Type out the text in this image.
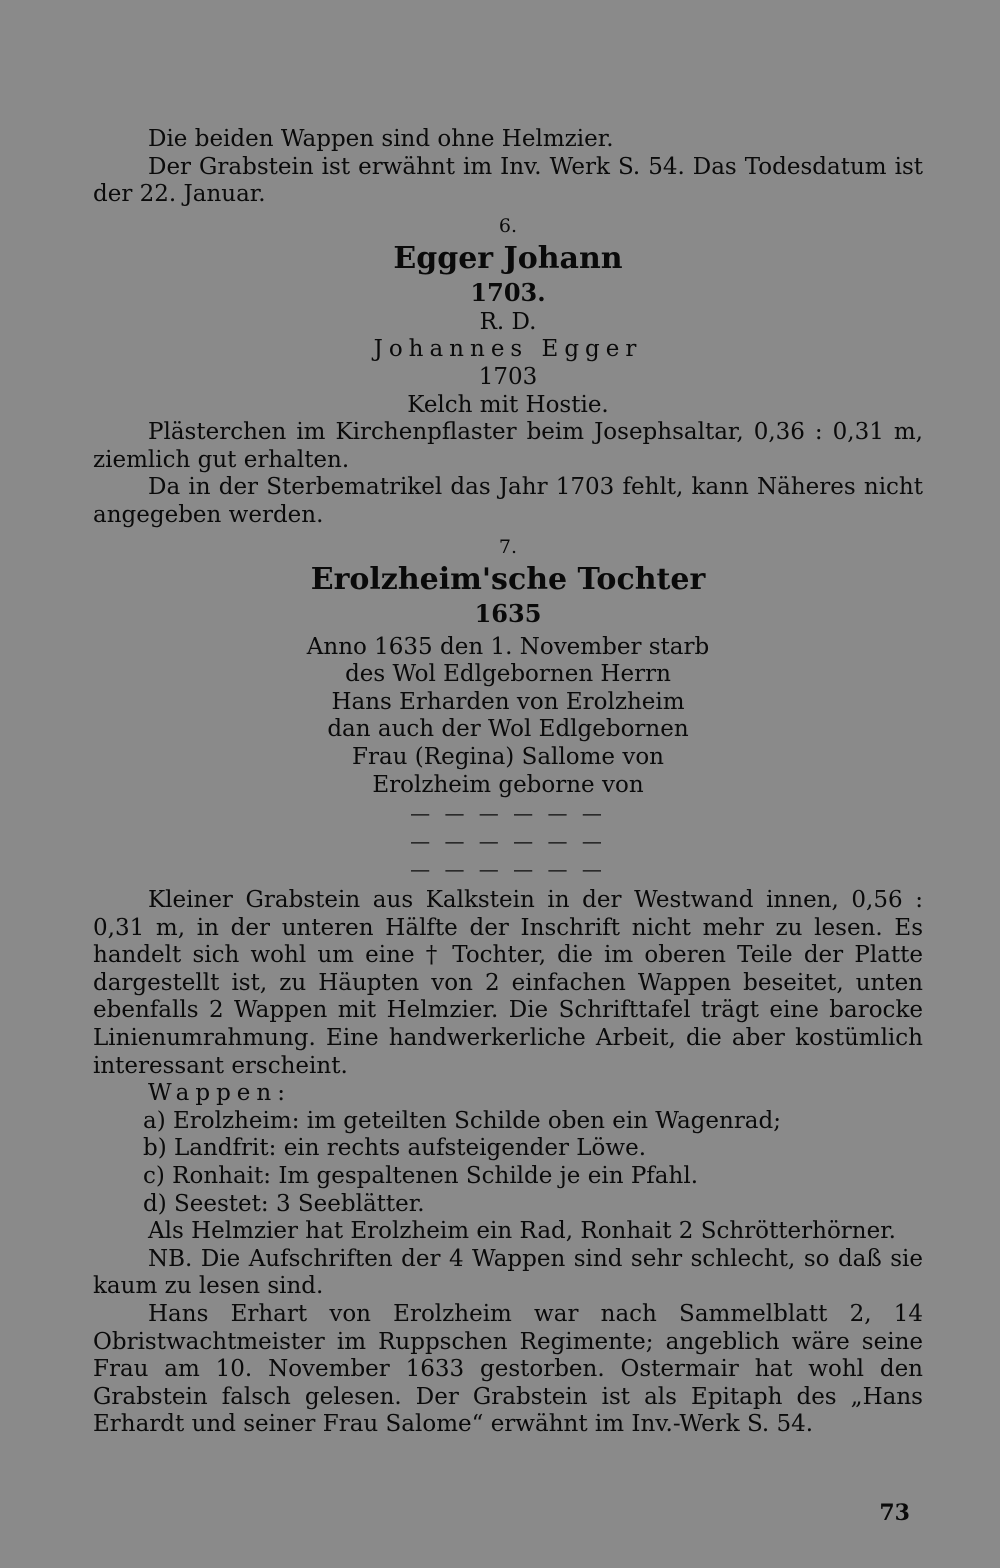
Die beiden Wappen sind ohne Helmzier.

Der Grabstein ist erwähnt im Inv. Werk S. 54. Das Todesdatum ist der 22. Januar.

6.

Egger Johann

1703.

R. D.

Johannes Egger

1703

Kelch mit Hostie.

Plästerchen im Kirchenpflaster beim Josephsaltar, 0,36 : 0,31 m, ziemlich gut erhalten.

Da in der Sterbematrikel das Jahr 1703 fehlt, kann Näheres nicht angegeben werden.

7.

Erolzheim'sche Tochter

1635

Anno 1635 den 1. November starb

des Wol Edlgebornen Herrn

Hans Erharden von Erolzheim

dan auch der Wol Edlgebornen

Frau (Regina) Sallome von

Erolzheim geborne von

— — — — — —

— — — — — —

— — — — — —

Kleiner Grabstein aus Kalkstein in der Westwand innen, 0,56 : 0,31 m, in der unteren Hälfte der Inschrift nicht mehr zu lesen. Es handelt sich wohl um eine † Tochter, die im oberen Teile der Platte dargestellt ist, zu Häupten von 2 einfachen Wappen beseitet, unten ebenfalls 2 Wappen mit Helmzier. Die Schrifttafel trägt eine barocke Linienumrahmung. Eine handwerkerliche Arbeit, die aber kostümlich interessant erscheint.

Wappen:

a) Erolzheim: im geteilten Schilde oben ein Wagenrad;

b) Landfrit: ein rechts aufsteigender Löwe.

c) Ronhait: Im gespaltenen Schilde je ein Pfahl.

d) Seestet: 3 Seeblätter.

Als Helmzier hat Erolzheim ein Rad, Ronhait 2 Schrötterhörner.

NB. Die Aufschriften der 4 Wappen sind sehr schlecht, so daß sie kaum zu lesen sind.

Hans Erhart von Erolzheim war nach Sammelblatt 2, 14 Obristwachtmeister im Ruppschen Regimente; angeblich wäre seine Frau am 10. November 1633 gestorben. Ostermair hat wohl den Grabstein falsch gelesen. Der Grabstein ist als Epitaph des „Hans Erhardt und seiner Frau Salome“ erwähnt im Inv.-Werk S. 54.

73
